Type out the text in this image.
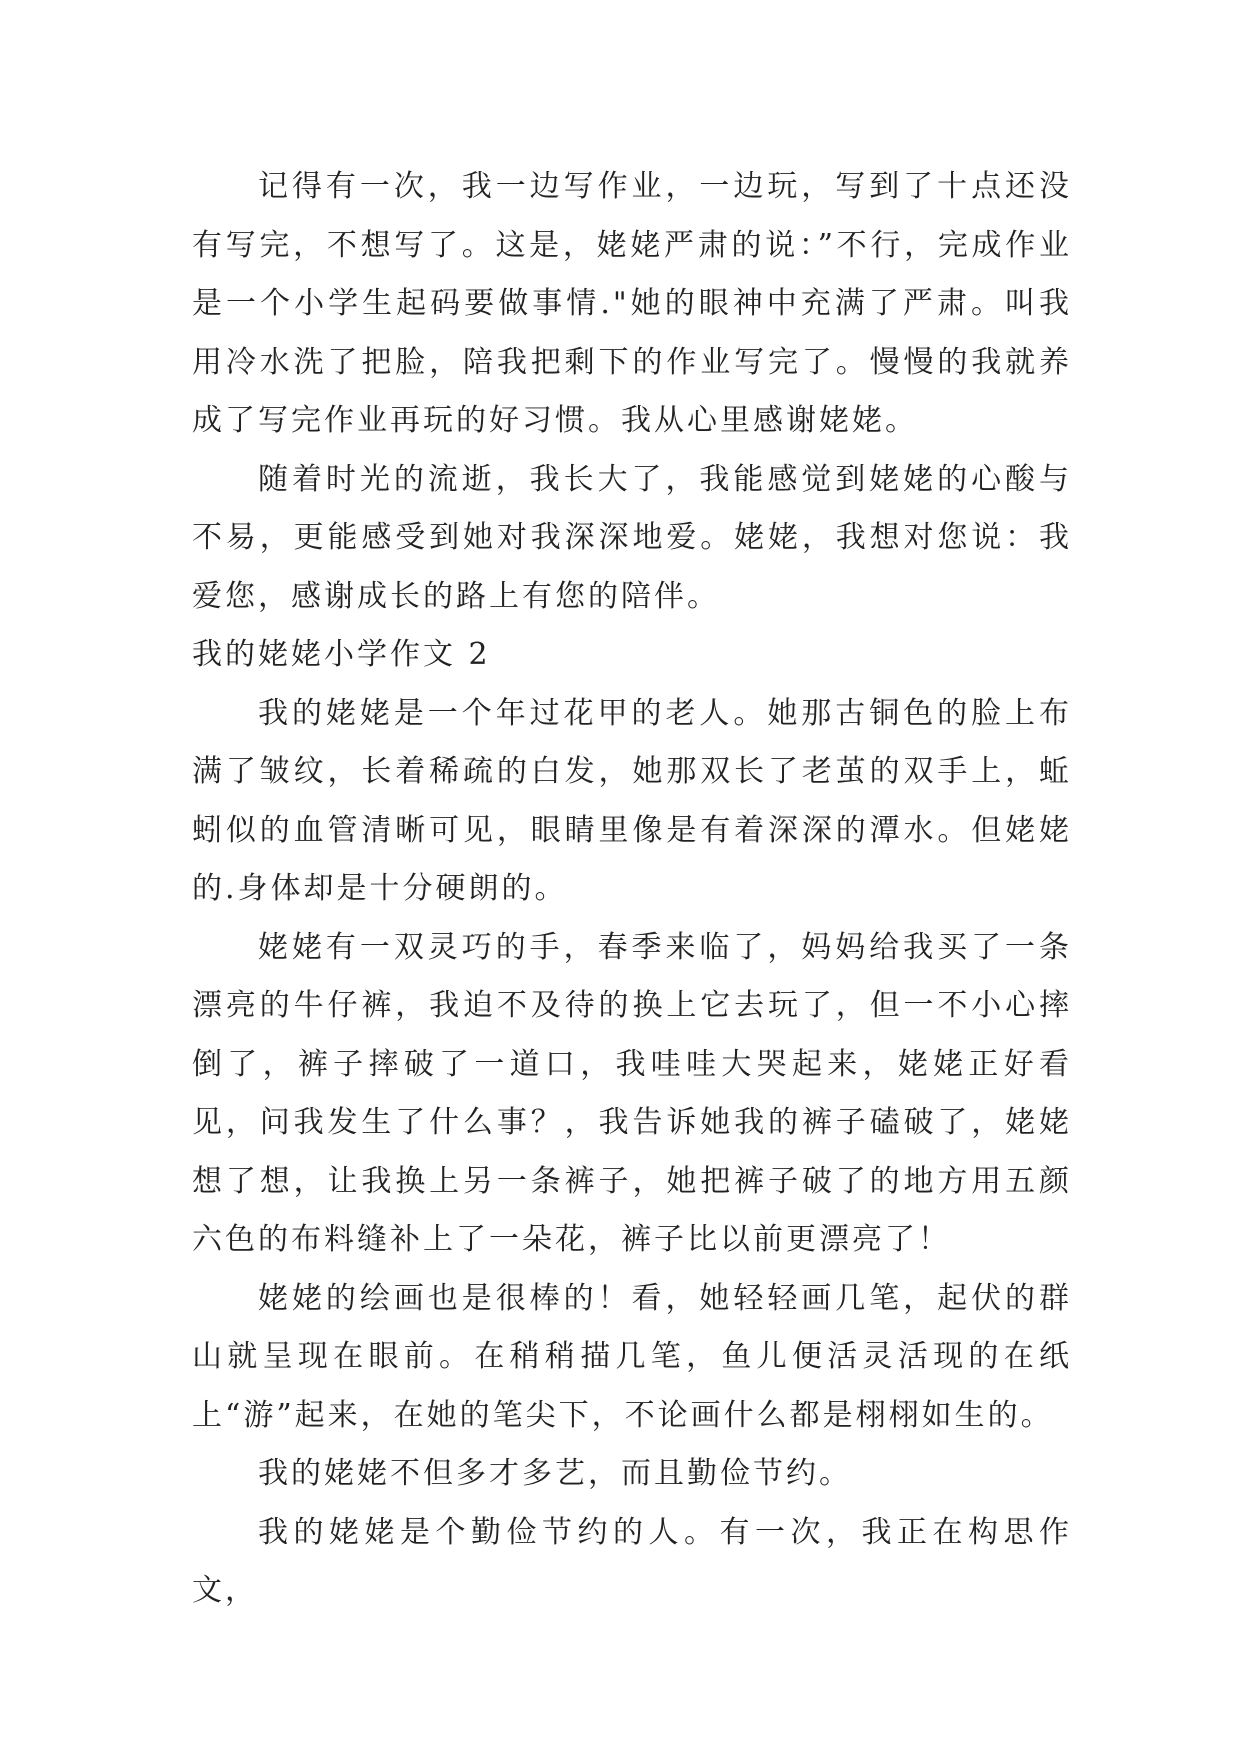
记得有一次，我一边写作业，一边玩，写到了十点还没有写完，不想写了。这是，姥姥严肃的说：”不行，完成作业是一个小学生起码要做事情."她的眼神中充满了严肃。叫我用冷水洗了把脸，陪我把剩下的作业写完了。慢慢的我就养成了写完作业再玩的好习惯。我从心里感谢姥姥。

随着时光的流逝，我长大了，我能感觉到姥姥的心酸与不易，更能感受到她对我深深地爱。姥姥，我想对您说：我爱您，感谢成长的路上有您的陪伴。

我的姥姥小学作文 2

我的姥姥是一个年过花甲的老人。她那古铜色的脸上布满了皱纹，长着稀疏的白发，她那双长了老茧的双手上，蚯蚓似的血管清晰可见，眼睛里像是有着深深的潭水。但姥姥的.身体却是十分硬朗的。

姥姥有一双灵巧的手，春季来临了，妈妈给我买了一条漂亮的牛仔裤，我迫不及待的换上它去玩了，但一不小心摔倒了，裤子摔破了一道口，我哇哇大哭起来，姥姥正好看见，问我发生了什么事？，我告诉她我的裤子磕破了，姥姥想了想，让我换上另一条裤子，她把裤子破了的地方用五颜六色的布料缝补上了一朵花，裤子比以前更漂亮了！

姥姥的绘画也是很棒的！看，她轻轻画几笔，起伏的群山就呈现在眼前。在稍稍描几笔，鱼儿便活灵活现的在纸上“游”起来，在她的笔尖下，不论画什么都是栩栩如生的。

我的姥姥不但多才多艺，而且勤俭节约。

我的姥姥是个勤俭节约的人。有一次，我正在构思作文，
